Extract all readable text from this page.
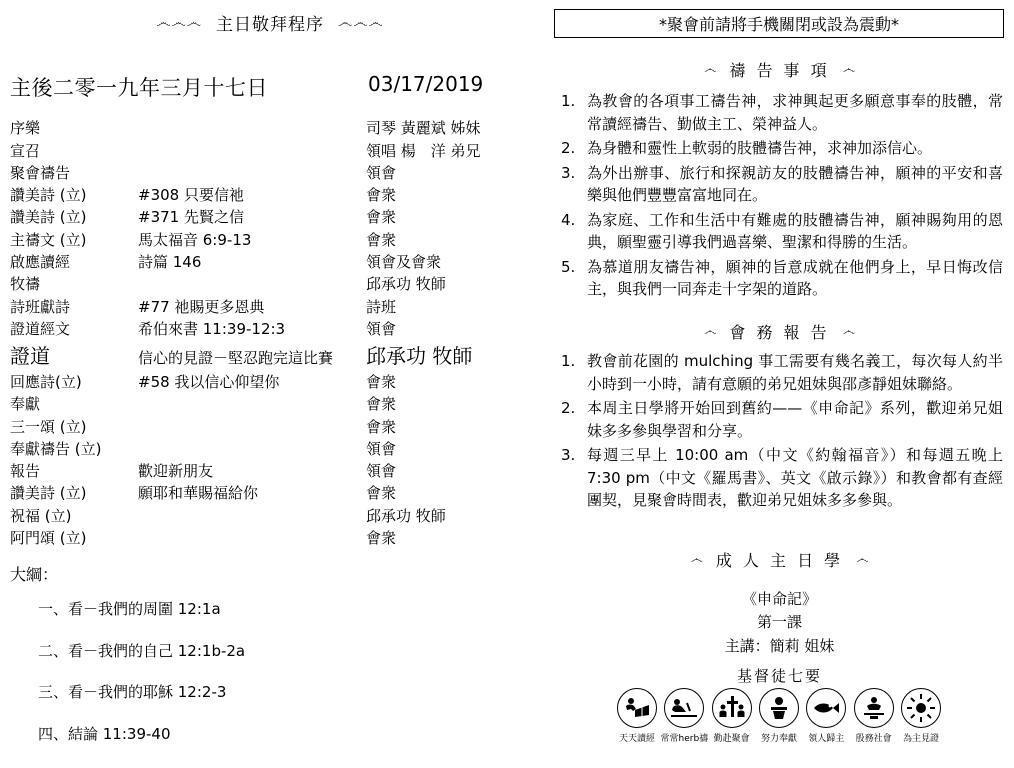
෴෴෴ 主日敬拜程序 ෴෴෴
主後二零一九年三月十七日	03/17/2019
序樂		司琴 黃麗斌 姊妹
宣召		領唱 楊　洋 弟兄
聚會禱告		領會
讚美詩 (立)	#308 只要信祂	會衆
讚美詩 (立)	#371 先賢之信	會衆
主禱文 (立)	馬太福音 6:9-13	會衆
啟應讀經	詩篇 146	領會及會衆
牧禱		邱承功 牧師
詩班獻詩	#77 祂賜更多恩典	詩班
證道經文	希伯來書 11:39-12:3	領會
證道	信心的見證－堅忍跑完這比賽	邱承功 牧師
回應詩(立)	#58 我以信心仰望你	會衆
奉獻		會衆
三一頌 (立)		會衆
奉獻禱告 (立)		領會
報告	歡迎新朋友	領會
讚美詩 (立)	願耶和華賜福給你	會衆
祝福 (立)		邱承功 牧師
阿門頌 (立)		會衆
大綱：
一、看－我們的周圍 12:1a
二、看－我們的自己 12:1b-2a
三、看－我們的耶穌 12:2-3
四、結論 11:39-40
*聚會前請將手機關閉或設為震動*
෴ 禱 告 事 項 ෴
1. 為教會的各項事工禱告神，求神興起更多願意事奉的肢體，常常讀經禱告、勤做主工、榮神益人。
2. 為身體和靈性上軟弱的肢體禱告神，求神加添信心。
3. 為外出辦事、旅行和探親訪友的肢體禱告神，願神的平安和喜樂與他們豐豐富富地同在。
4. 為家庭、工作和生活中有難處的肢體禱告神，願神賜夠用的恩典，願聖靈引導我們過喜樂、聖潔和得勝的生活。
5. 為慕道朋友禱告神，願神的旨意成就在他們身上，早日悔改信主，與我們一同奔走十字架的道路。
෴ 會 務 報 告 ෴
1. 教會前花園的 mulching 事工需要有幾名義工，每次每人約半小時到一小時，請有意願的弟兄姐妹與邵彥靜姐妹聯絡。
2. 本周主日學將开始回到舊約——《申命記》系列，歡迎弟兄姐妹多多參與學習和分享。
3. 每週三早上 10:00 am（中文《約翰福音》）和每週五晚上 7:30 pm（中文《羅馬書》、英文《啟示錄》）和教會都有查經團契，見聚會時間表，歡迎弟兄姐妹多多參與。
෴ 成 人 主 日 學 ෴
《申命記》
第一課
主講：簡莉 姐妹
基督徒七要
天天讀經 常常herb禱 勤赴聚會 努力奉獻 領人歸主 殷務社會 為主見證
